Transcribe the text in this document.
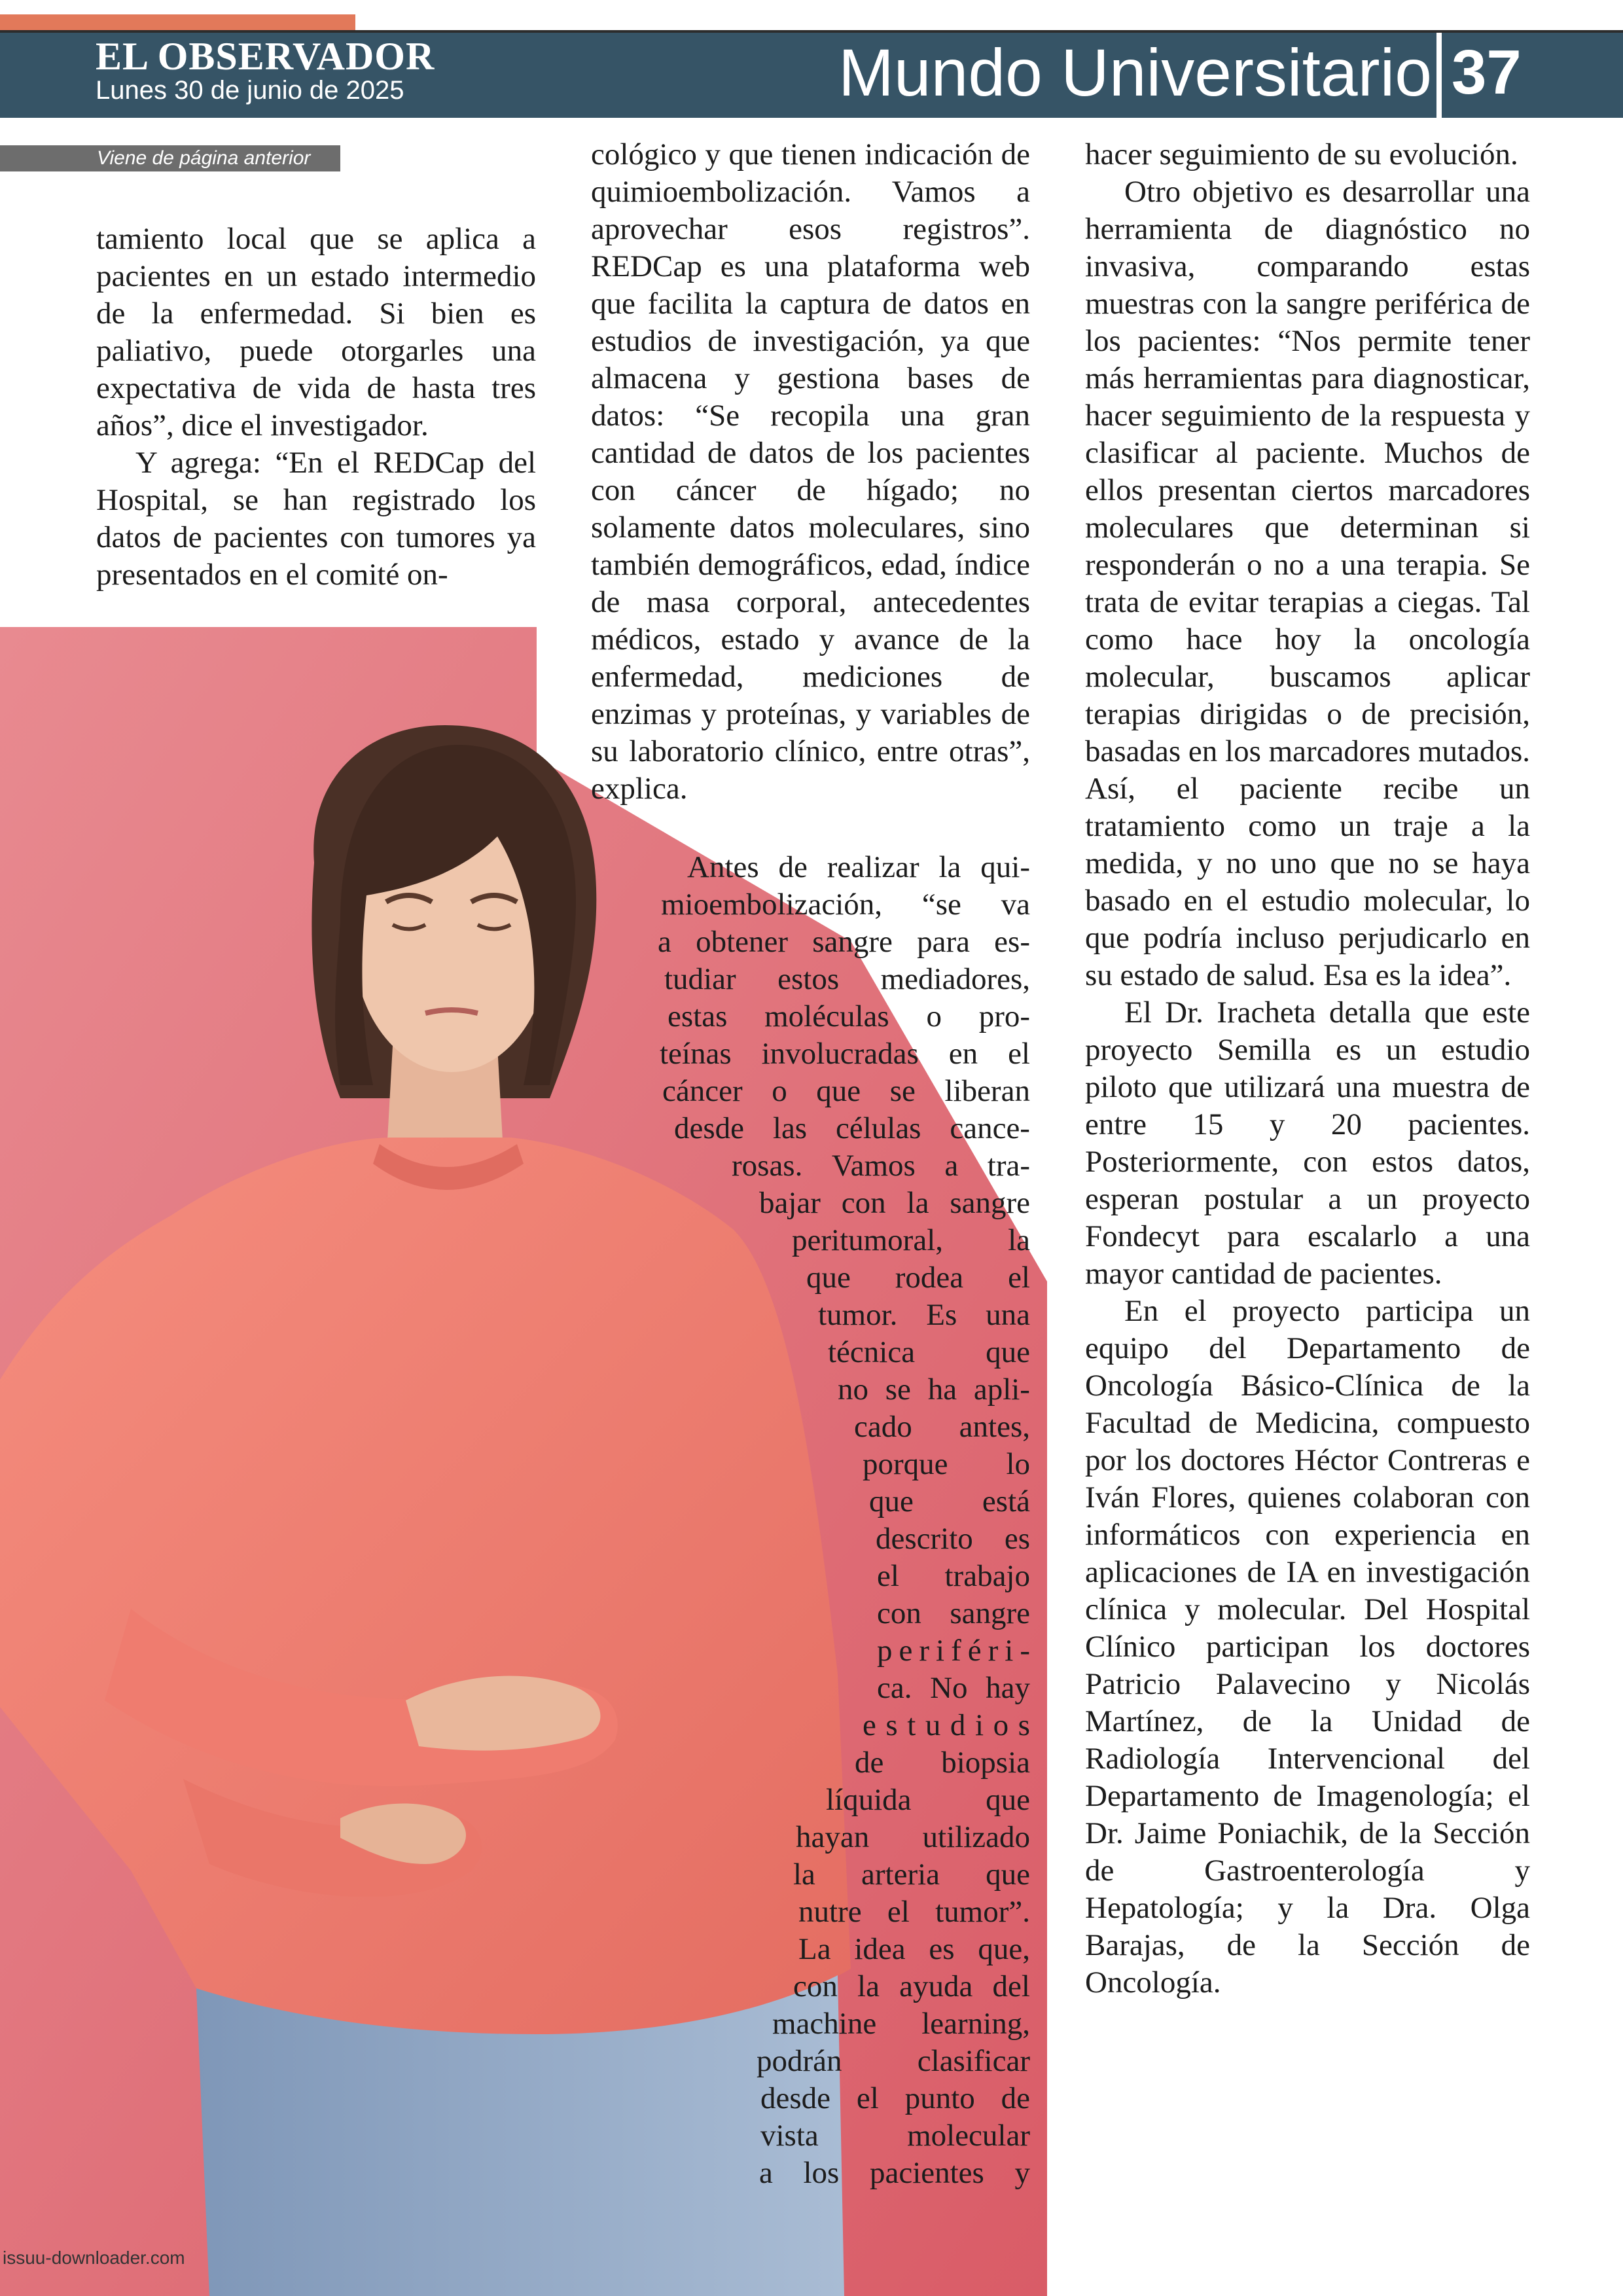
EL OBSERVADOR
Lunes 30 de junio de 2025	Mundo Universitario 37
Viene de página anterior

tamiento local que se aplica a pacientes en un estado intermedio de la enfermedad. Si bien es paliativo, puede otorgarles una expectativa de vida de hasta tres años”, dice el investigador.

Y agrega: “En el REDCap del Hospital, se han registrado los datos de pacientes con tumores ya presentados en el comité on-

cológico y que tienen indicación de quimioembolización. Vamos a aprovechar esos registros”. REDCap es una plataforma web que facilita la captura de datos en estudios de investigación, ya que almacena y gestiona bases de datos: “Se recopila una gran cantidad de datos de los pacientes con cáncer de hígado; no solamente datos moleculares, sino también demográficos, edad, índice de masa corporal, antecedentes médicos, estado y avance de la enfermedad, mediciones de enzimas y proteínas, y variables de su laboratorio clínico, entre otras”, explica.

Antes de realizar la qui-
mioembolización, “se va
a obtener sangre para es-
tudiar estos mediadores,
estas moléculas o pro-
teínas involucradas en el
cáncer o que se liberan
desde las células cance-
rosas. Vamos a tra-
bajar con la sangre
peritumoral, la
que rodea el
tumor. Es una
técnica que
no se ha apli-
cado antes,
porque lo
que está
descrito es
el trabajo
con sangre
p e r i f é r i -
ca. No hay
e s t u d i o s
de biopsia
líquida que
hayan utilizado
la arteria que
nutre el tumor”.
La idea es que,
con la ayuda del
machine learning,
podrán clasificar
desde el punto de
vista	molecular
a los pacientes y

hacer seguimiento de su evolución.

Otro objetivo es desarrollar una herramienta de diagnóstico no invasiva, comparando estas muestras con la sangre periférica de los pacientes: “Nos permite tener más herramientas para diagnosticar, hacer seguimiento de la respuesta y clasificar al paciente. Muchos de ellos presentan ciertos marcadores moleculares que determinan si responderán o no a una terapia. Se trata de evitar terapias a ciegas. Tal como hace hoy la oncología molecular, buscamos aplicar terapias dirigidas o de precisión, basadas en los marcadores mutados. Así, el paciente recibe un tratamiento como un traje a la medida, y no uno que no se haya basado en el estudio molecular, lo que podría incluso perjudicarlo en su estado de salud. Esa es la idea”.

El Dr. Iracheta detalla que este proyecto Semilla es un estudio piloto que utilizará una muestra de entre 15 y 20 pacientes. Posteriormente, con estos datos, esperan postular a un proyecto Fondecyt para escalarlo a una mayor cantidad de pacientes.

En el proyecto participa un equipo del Departamento de Oncología Básico-Clínica de la Facultad de Medicina, compuesto por los doctores Héctor Contreras e Iván Flores, quienes colaboran con informáticos con experiencia en aplicaciones de IA en investigación clínica y molecular. Del Hospital Clínico participan los doctores Patricio Palavecino y Nicolás Martínez, de la Unidad de Radiología Intervencional del Departamento de Imagenología; el Dr. Jaime Poniachik, de la Sección de Gastroenterología y Hepatología; y la Dra. Olga Barajas, de la Sección de Oncología.

issuu-downloader.com
